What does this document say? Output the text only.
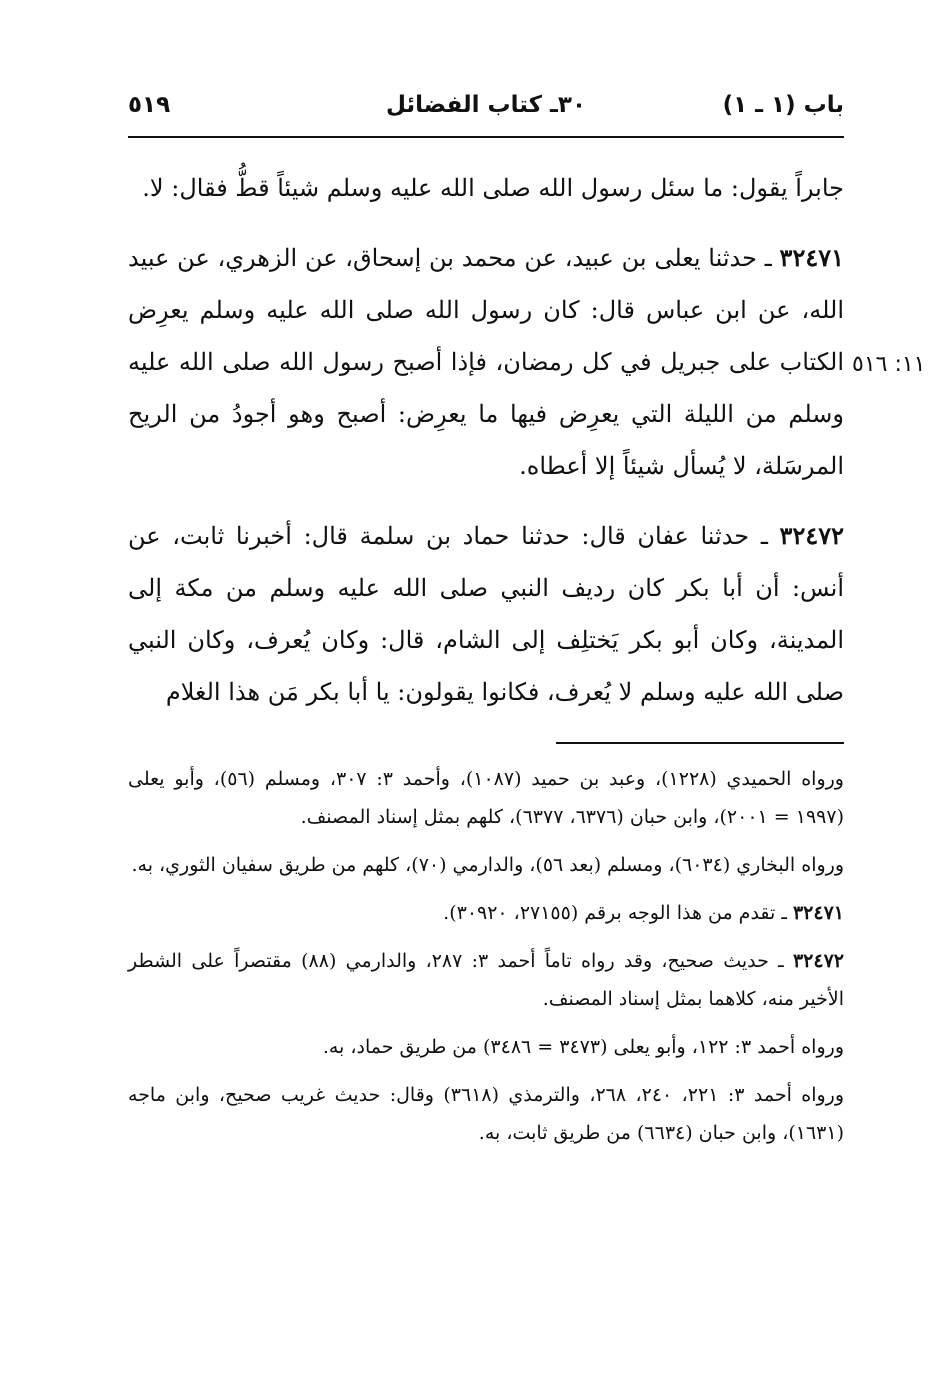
باب (١ ـ ١)
٣٠ـ كتاب الفضائل
٥١٩
١١: ٥١٦

جابراً يقول: ما سئل رسول الله صلى الله عليه وسلم شيئاً قطُّ فقال: لا.

٣٢٤٧١ ـ حدثنا يعلى بن عبيد، عن محمد بن إسحاق، عن الزهري، عن عبيد الله، عن ابن عباس قال: كان رسول الله صلى الله عليه وسلم يعرِض الكتاب على جبريل في كل رمضان، فإذا أصبح رسول الله صلى الله عليه وسلم من الليلة التي يعرِض فيها ما يعرِض: أصبح وهو أجودُ من الريح المرسَلة، لا يُسأل شيئاً إلا أعطاه.

٣٢٤٧٢ ـ حدثنا عفان قال: حدثنا حماد بن سلمة قال: أخبرنا ثابت، عن أنس: أن أبا بكر كان رديف النبي صلى الله عليه وسلم من مكة إلى المدينة، وكان أبو بكر يَختلِف إلى الشام، قال: وكان يُعرف، وكان النبي صلى الله عليه وسلم لا يُعرف، فكانوا يقولون: يا أبا بكر مَن هذا الغلام

ورواه الحميدي (١٢٢٨)، وعبد بن حميد (١٠٨٧)، وأحمد ٣: ٣٠٧، ومسلم (٥٦)، وأبو يعلى (١٩٩٧ = ٢٠٠١)، وابن حبان (٦٣٧٦، ٦٣٧٧)، كلهم بمثل إسناد المصنف.

ورواه البخاري (٦٠٣٤)، ومسلم (بعد ٥٦)، والدارمي (٧٠)، كلهم من طريق سفيان الثوري، به.

٣٢٤٧١ ـ تقدم من هذا الوجه برقم (٢٧١٥٥، ٣٠٩٢٠).

٣٢٤٧٢ ـ حديث صحيح، وقد رواه تاماً أحمد ٣: ٢٨٧، والدارمي (٨٨) مقتصراً على الشطر الأخير منه، كلاهما بمثل إسناد المصنف.

ورواه أحمد ٣: ١٢٢، وأبو يعلى (٣٤٧٣ = ٣٤٨٦) من طريق حماد، به.

ورواه أحمد ٣: ٢٢١، ٢٤٠، ٢٦٨، والترمذي (٣٦١٨) وقال: حديث غريب صحيح، وابن ماجه (١٦٣١)، وابن حبان (٦٦٣٤) من طريق ثابت، به.
